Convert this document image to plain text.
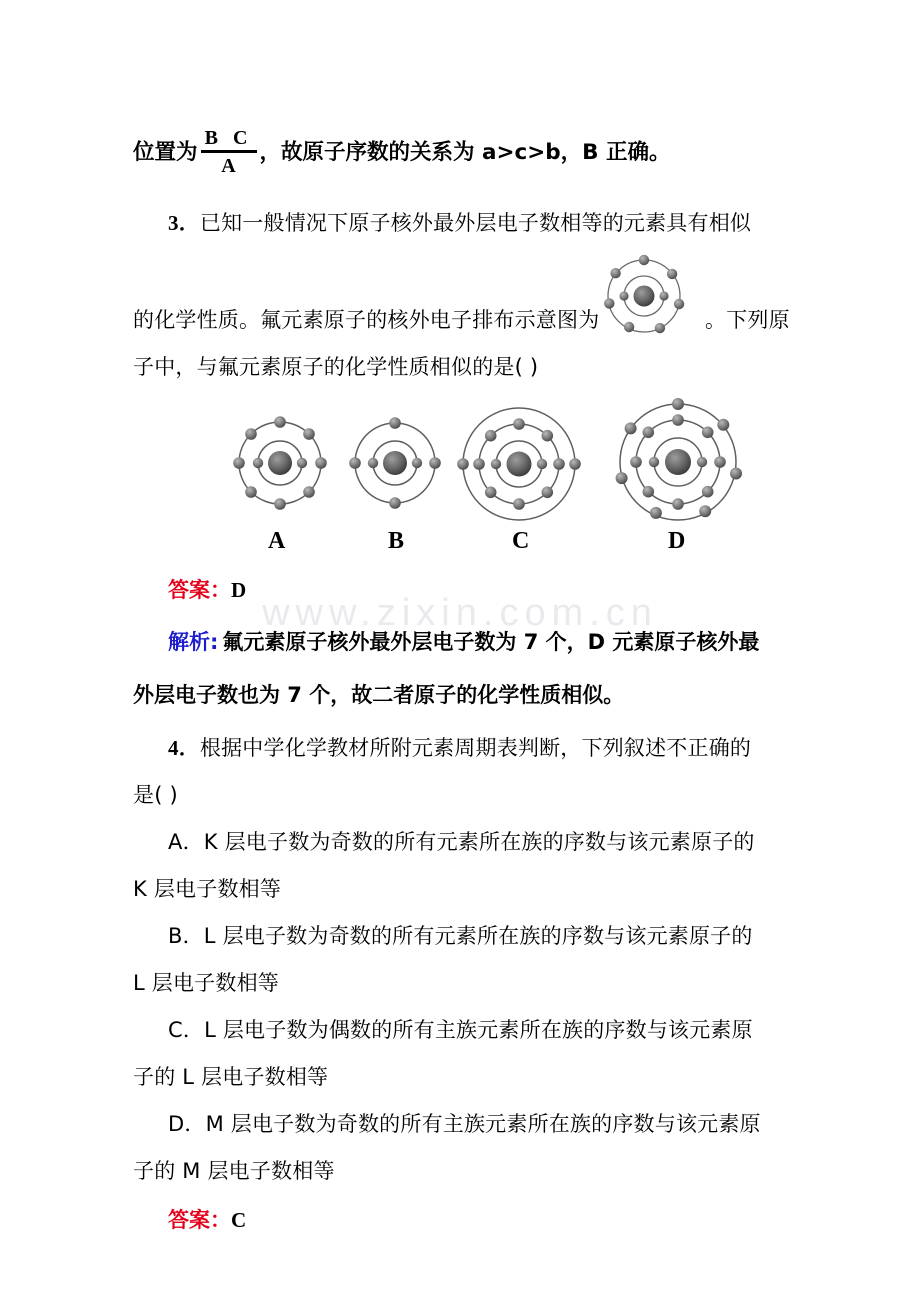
www.zixin.com.cn
位置为 $\frac{\text{B C}}{A}$ ，故原子序数的关系为 a>c>b，B 正确。
3．已知一般情况下原子核外最外层电子数相等的元素具有相似
的化学性质。氟元素原子的核外电子排布示意图为	。下列原
子中，与氟元素原子的化学性质相似的是( )
A	B	C	D
答案：D
解析: 氟元素原子核外最外层电子数为 7 个，D 元素原子核外最
外层电子数也为 7 个，故二者原子的化学性质相似。
4．根据中学化学教材所附元素周期表判断，下列叙述不正确的
是( )
A．K 层电子数为奇数的所有元素所在族的序数与该元素原子的
K 层电子数相等
B．L 层电子数为奇数的所有元素所在族的序数与该元素原子的
L 层电子数相等
C．L 层电子数为偶数的所有主族元素所在族的序数与该元素原
子的 L 层电子数相等
D．M 层电子数为奇数的所有主族元素所在族的序数与该元素原
子的 M 层电子数相等
答案：C
